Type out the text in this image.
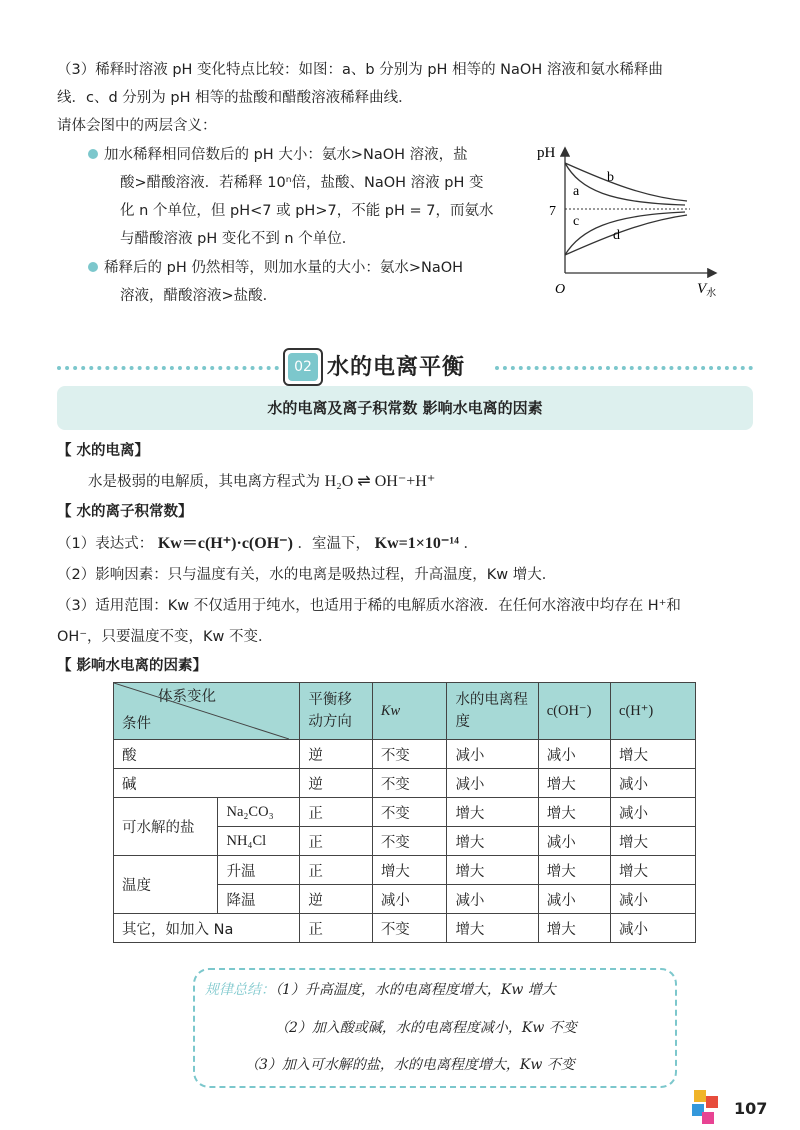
（3）稀释时溶液 pH 变化特点比较：如图：a、b 分别为 pH 相等的 NaOH 溶液和氨水稀释曲
线．c、d 分别为 pH 相等的盐酸和醋酸溶液稀释曲线．
请体会图中的两层含义：
加水稀释相同倍数后的 pH 大小：氨水>NaOH 溶液，盐
酸>醋酸溶液．若稀释 10ⁿ倍，盐酸、NaOH 溶液 pH 变
化 n 个单位，但 pH<7 或 pH>7，不能 pH = 7，而氨水
与醋酸溶液 pH 变化不到 n 个单位．
稀释后的 pH 仍然相等，则加水量的大小：氨水>NaOH
溶液，醋酸溶液>盐酸．
pH
O	$V_水$
7
b
a
c
d
02 水的电离平衡
水的电离及离子积常数 影响水电离的因素
【 水的电离】
水是极弱的电解质，其电离方程式为 H₂O ⇌ OH⁻+H⁺
【 水的离子积常数】
（1）表达式： Kw＝c(H⁺)·c(OH⁻) ．室温下， Kw=1×10⁻¹⁴ ．
（2）影响因素：只与温度有关，水的电离是吸热过程，升高温度，Kw 增大．
（3）适用范围：Kw 不仅适用于纯水，也适用于稀的电解质水溶液．在任何水溶液中均存在 H⁺和
OH⁻，只要温度不变，Kw 不变．
【 影响水电离的因素】
体系变化
条件		平衡移动方向	Kw	水的电离程度	c(OH⁻)	c(H⁺)
酸		逆	不变	减小	减小	增大
碱		逆	不变	减小	增大	减小
可水解的盐	Na₂CO₃	正	不变	增大	增大	减小
	NH₄Cl	正	不变	增大	减小	增大
温度	升温	正	增大	增大	增大	增大
	降温	逆	减小	减小	减小	减小
其它，如加入 Na		正	不变	增大	增大	减小
规律总结：（1）升高温度，水的电离程度增大，Kw 增大
（2）加入酸或碱，水的电离程度减小，Kw 不变
（3）加入可水解的盐，水的电离程度增大，Kw 不变
107
